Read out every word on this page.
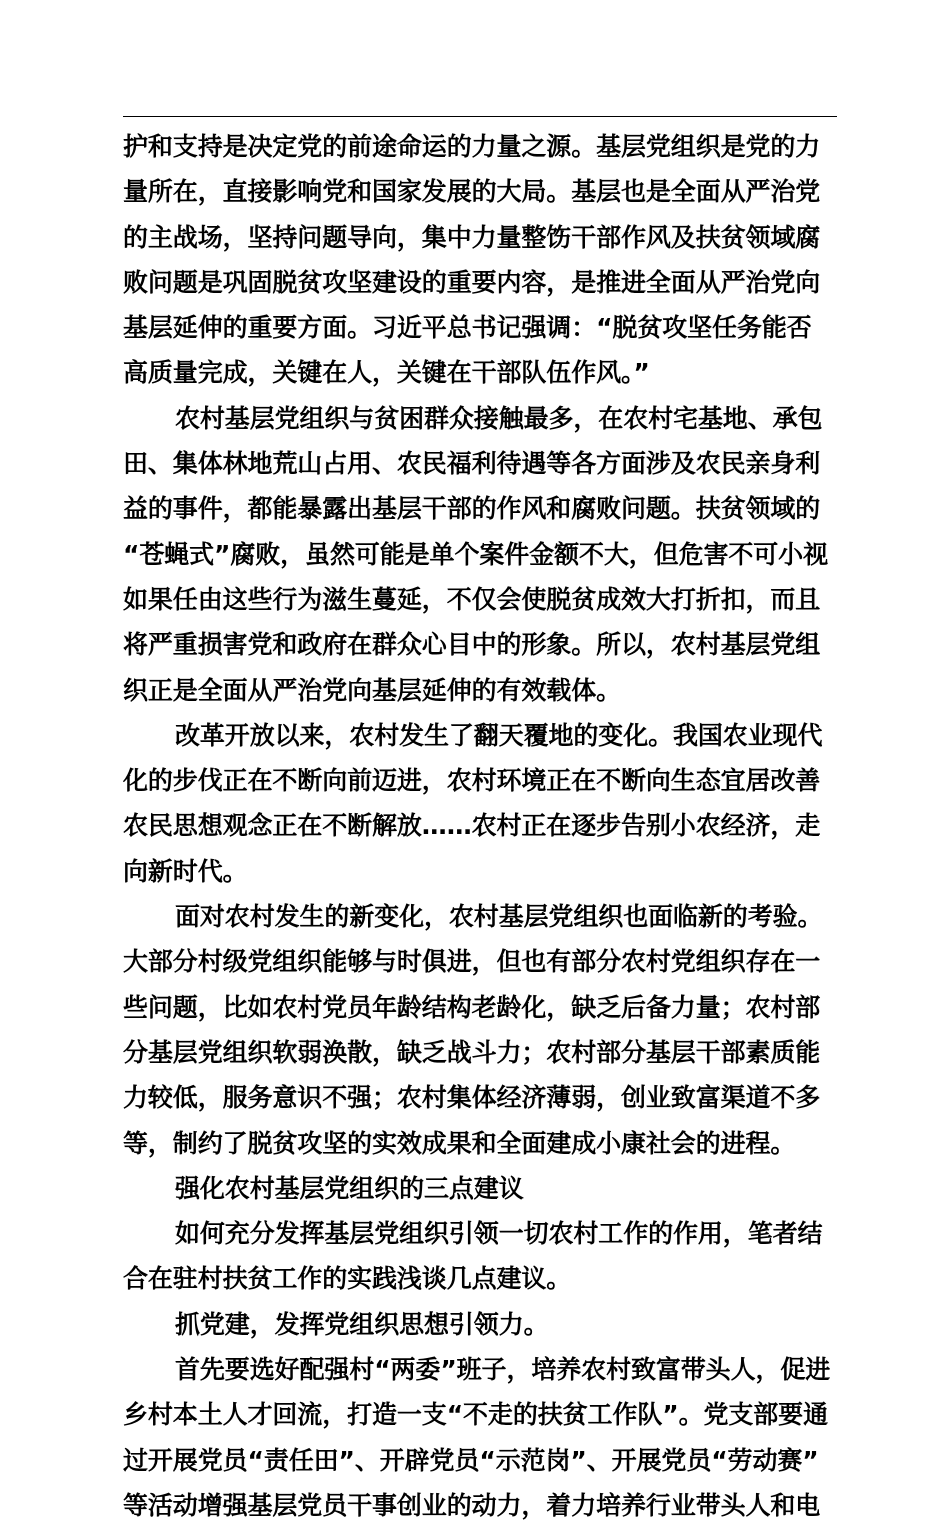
护和支持是决定党的前途命运的力量之源。基层党组织是党的力
量所在，直接影响党和国家发展的大局。基层也是全面从严治党
的主战场，坚持问题导向，集中力量整饬干部作风及扶贫领域腐
败问题是巩固脱贫攻坚建设的重要内容，是推进全面从严治党向
基层延伸的重要方面。习近平总书记强调：“脱贫攻坚任务能否
高质量完成，关键在人，关键在干部队伍作风。”
农村基层党组织与贫困群众接触最多，在农村宅基地、承包
田、集体林地荒山占用、农民福利待遇等各方面涉及农民亲身利
益的事件，都能暴露出基层干部的作风和腐败问题。扶贫领域的
“苍蝇式”腐败，虽然可能是单个案件金额不大，但危害不可小视
如果任由这些行为滋生蔓延，不仅会使脱贫成效大打折扣，而且
将严重损害党和政府在群众心目中的形象。所以，农村基层党组
织正是全面从严治党向基层延伸的有效载体。
改革开放以来，农村发生了翻天覆地的变化。我国农业现代
化的步伐正在不断向前迈进，农村环境正在不断向生态宜居改善
农民思想观念正在不断解放……农村正在逐步告别小农经济，走
向新时代。
面对农村发生的新变化，农村基层党组织也面临新的考验。
大部分村级党组织能够与时俱进，但也有部分农村党组织存在一
些问题，比如农村党员年龄结构老龄化，缺乏后备力量；农村部
分基层党组织软弱涣散，缺乏战斗力；农村部分基层干部素质能
力较低，服务意识不强；农村集体经济薄弱，创业致富渠道不多
等，制约了脱贫攻坚的实效成果和全面建成小康社会的进程。
强化农村基层党组织的三点建议
如何充分发挥基层党组织引领一切农村工作的作用，笔者结
合在驻村扶贫工作的实践浅谈几点建议。
抓党建，发挥党组织思想引领力。
首先要选好配强村“两委”班子，培养农村致富带头人，促进
乡村本土人才回流，打造一支“不走的扶贫工作队”。党支部要通
过开展党员“责任田”、开辟党员“示范岗”、开展党员“劳动赛”
等活动增强基层党员干事创业的动力，着力培养行业带头人和电
